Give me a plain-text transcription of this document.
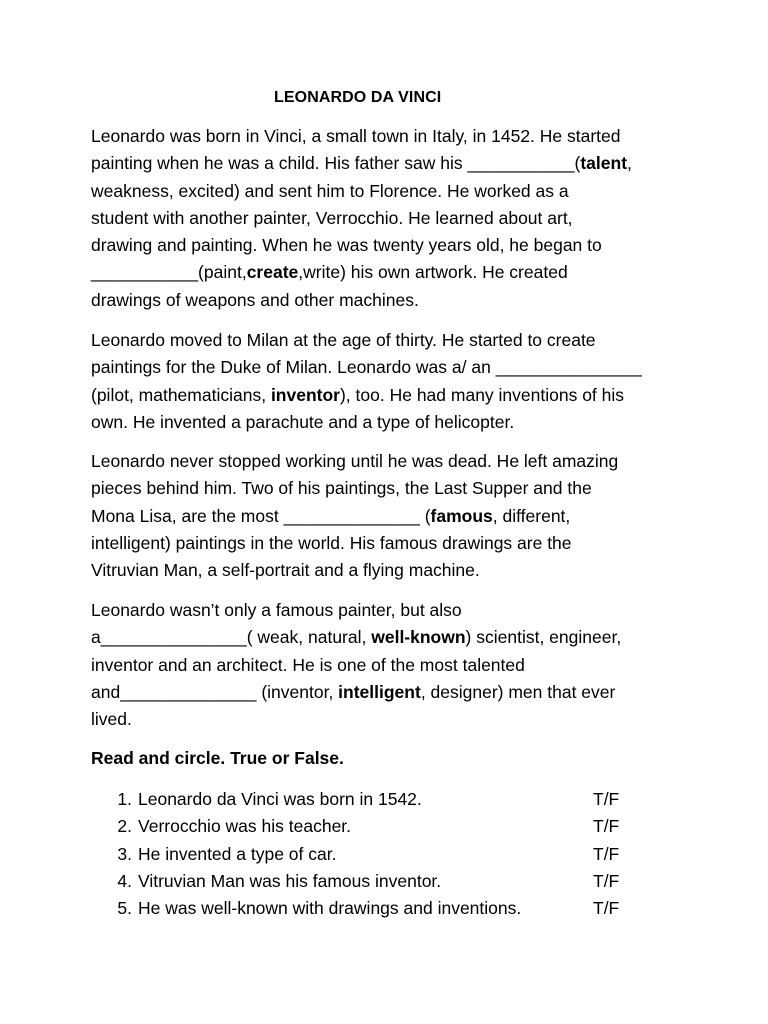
LEONARDO DA VINCI
Leonardo was born in Vinci, a small town in Italy, in 1452. He started
painting when he was a child. His father saw his ___________(talent,
weakness, excited) and sent him to Florence. He worked as a
student with another painter, Verrocchio. He learned about art,
drawing and painting. When he was twenty years old, he began to
___________(paint,create,write) his own artwork. He created
drawings of weapons and other machines.
Leonardo moved to Milan at the age of thirty. He started to create
paintings for the Duke of Milan. Leonardo was a/ an _______________
(pilot, mathematicians, inventor), too. He had many inventions of his
own. He invented a parachute and a type of helicopter.
Leonardo never stopped working until he was dead. He left amazing
pieces behind him. Two of his paintings, the Last Supper and the
Mona Lisa, are the most ______________ (famous, different,
intelligent) paintings in the world. His famous drawings are the
Vitruvian Man, a self-portrait and a flying machine.
Leonardo wasn’t only a famous painter, but also
a_______________( weak, natural, well-known) scientist, engineer,
inventor and an architect. He is one of the most talented
and______________ (inventor, intelligent, designer) men that ever
lived.
Read and circle. True or False.
1. Leonardo da Vinci was born in 1542.	T/F
2. Verrocchio was his teacher.	T/F
3. He invented a type of car.	T/F
4. Vitruvian Man was his famous inventor.	T/F
5. He was well-known with drawings and inventions.	T/F
